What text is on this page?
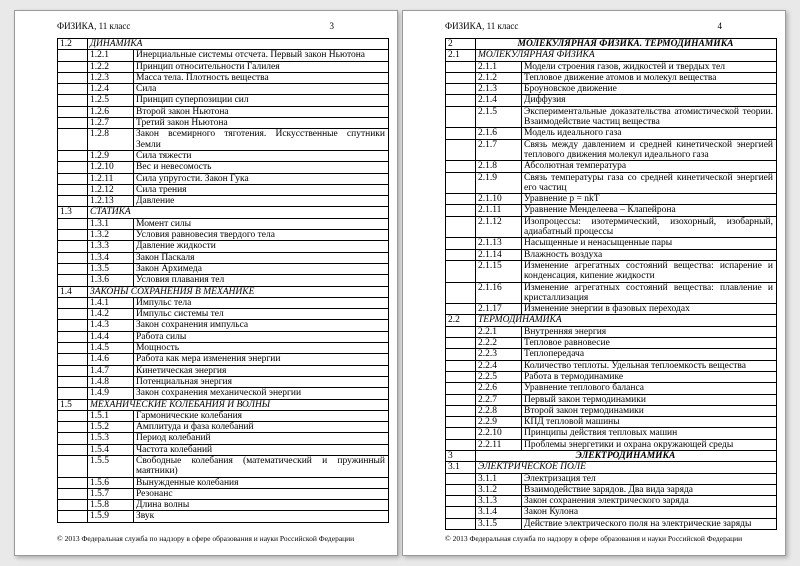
ФИЗИКА, 11 класс	3
1.2	ДИНАМИКА	
	1.2.1	Инерциальные системы отсчета. Первый закон Ньютона
	1.2.2	Принцип относительности Галилея
	1.2.3	Масса тела. Плотность вещества
	1.2.4	Сила
	1.2.5	Принцип суперпозиции сил
	1.2.6	Второй закон Ньютона
	1.2.7	Третий закон Ньютона
	1.2.8	Закон всемирного тяготения. Искусственные спутники Земли
	1.2.9	Сила тяжести
	1.2.10	Вес и невесомость
	1.2.11	Сила упругости. Закон Гука
	1.2.12	Сила трения
	1.2.13	Давление
1.3	СТАТИКА	
	1.3.1	Момент силы
	1.3.2	Условия равновесия твердого тела
	1.3.3	Давление жидкости
	1.3.4	Закон Паскаля
	1.3.5	Закон Архимеда
	1.3.6	Условия плавания тел
1.4	ЗАКОНЫ СОХРАНЕНИЯ В МЕХАНИКЕ	
	1.4.1	Импульс тела
	1.4.2	Импульс системы тел
	1.4.3	Закон сохранения импульса
	1.4.4	Работа силы
	1.4.5	Мощность
	1.4.6	Работа как мера изменения энергии
	1.4.7	Кинетическая энергия
	1.4.8	Потенциальная энергия
	1.4.9	Закон сохранения механической энергии
1.5	МЕХАНИЧЕСКИЕ КОЛЕБАНИЯ И ВОЛНЫ	
	1.5.1	Гармонические колебания
	1.5.2	Амплитуда и фаза колебаний
	1.5.3	Период колебаний
	1.5.4	Частота колебаний
	1.5.5	Свободные колебания (математический и пружинный маятники)
	1.5.6	Вынужденные колебания
	1.5.7	Резонанс
	1.5.8	Длина волны
	1.5.9	Звук
© 2013 Федеральная служба по надзору в сфере образования и науки Российской Федерации
ФИЗИКА, 11 класс	4
2	МОЛЕКУЛЯРНАЯ ФИЗИКА. ТЕРМОДИНАМИКА	
2.1	МОЛЕКУЛЯРНАЯ ФИЗИКА	
	2.1.1	Модели строения газов, жидкостей и твердых тел
	2.1.2	Тепловое движение атомов и молекул вещества
	2.1.3	Броуновское движение
	2.1.4	Диффузия
	2.1.5	Экспериментальные доказательства атомистической теории. Взаимодействие частиц вещества
	2.1.6	Модель идеального газа
	2.1.7	Связь между давлением и средней кинетической энергией теплового движения молекул идеального газа
	2.1.8	Абсолютная температура
	2.1.9	Связь температуры газа со средней кинетической энергией его частиц
	2.1.10	Уравнение p = nkT
	2.1.11	Уравнение Менделеева – Клапейрона
	2.1.12	Изопроцессы: изотермический, изохорный, изобарный, адиабатный процессы
	2.1.13	Насыщенные и ненасыщенные пары
	2.1.14	Влажность воздуха
	2.1.15	Изменение агрегатных состояний вещества: испарение и конденсация, кипение жидкости
	2.1.16	Изменение агрегатных состояний вещества: плавление и кристаллизация
	2.1.17	Изменение энергии в фазовых переходах
2.2	ТЕРМОДИНАМИКА	
	2.2.1	Внутренняя энергия
	2.2.2	Тепловое равновесие
	2.2.3	Теплопередача
	2.2.4	Количество теплоты. Удельная теплоемкость вещества
	2.2.5	Работа в термодинамике
	2.2.6	Уравнение теплового баланса
	2.2.7	Первый закон термодинамики
	2.2.8	Второй закон термодинамики
	2.2.9	КПД тепловой машины
	2.2.10	Принципы действия тепловых машин
	2.2.11	Проблемы энергетики и охрана окружающей среды
3	ЭЛЕКТРОДИНАМИКА	
3.1	ЭЛЕКТРИЧЕСКОЕ ПОЛЕ	
	3.1.1	Электризация тел
	3.1.2	Взаимодействие зарядов. Два вида заряда
	3.1.3	Закон сохранения электрического заряда
	3.1.4	Закон Кулона
	3.1.5	Действие электрического поля на электрические заряды
© 2013 Федеральная служба по надзору в сфере образования и науки Российской Федерации
